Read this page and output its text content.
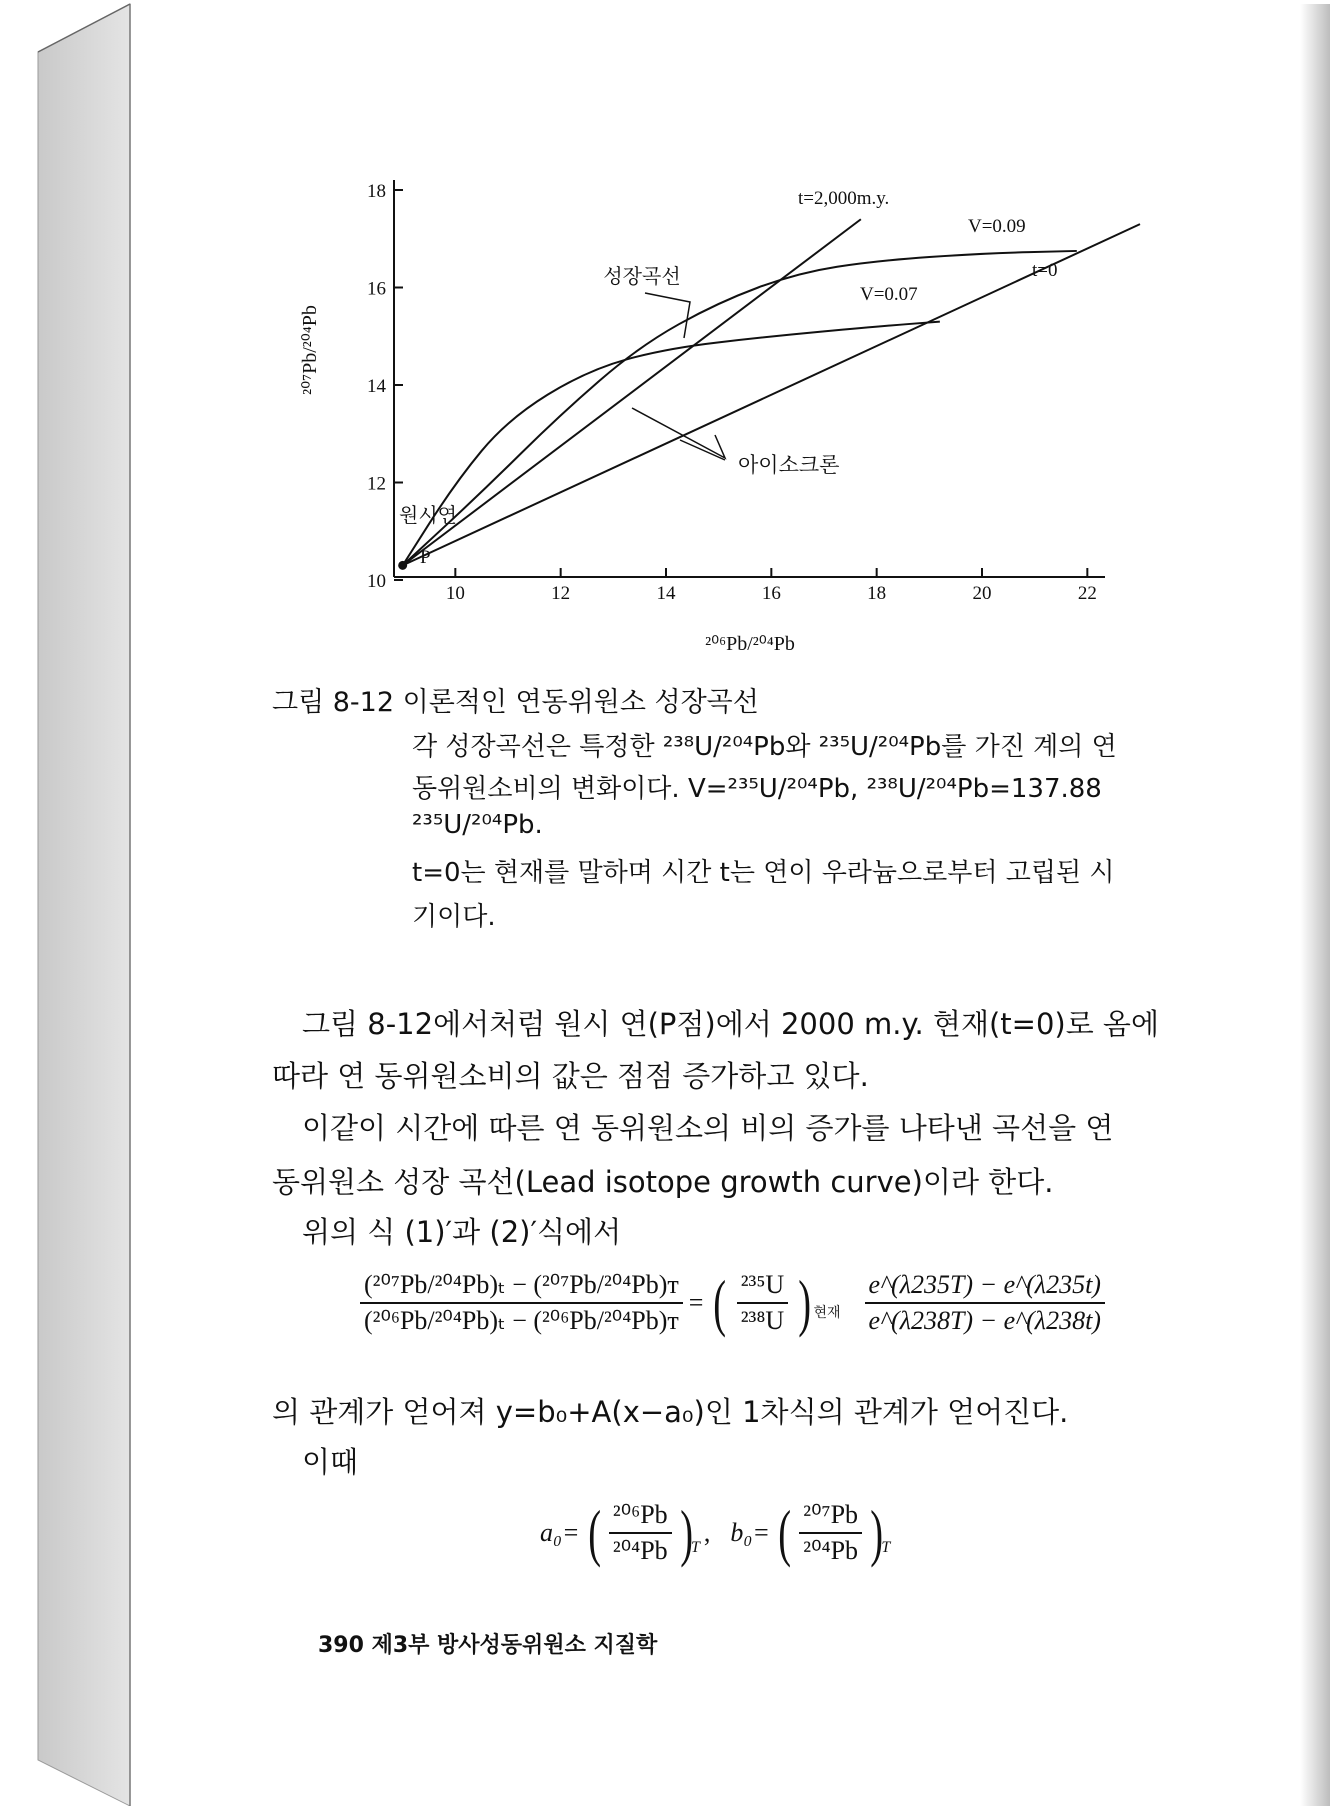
10	12	14	16	18	20	22
10
12
14
16
18
²⁰⁶Pb/²⁰⁴Pb
²⁰⁷Pb/²⁰⁴Pb
성장곡선
아이소크론
원시연
t=2,000m.y.
V=0.09
t=0
V=0.07
P
그림 8-12 이론적인 연동위원소 성장곡선
각 성장곡선은 특정한 ²³⁸U/²⁰⁴Pb와 ²³⁵U/²⁰⁴Pb를 가진 계의 연
동위원소비의 변화이다. V=²³⁵U/²⁰⁴Pb, ²³⁸U/²⁰⁴Pb=137.88
²³⁵U/²⁰⁴Pb.
t=0는 현재를 말하며 시간 t는 연이 우라늄으로부터 고립된 시
기이다.
그림 8-12에서처럼 원시 연(P점)에서 2000 m.y. 현재(t=0)로 옴에
따라 연 동위원소비의 값은 점점 증가하고 있다.
이같이 시간에 따른 연 동위원소의 비의 증가를 나타낸 곡선을 연
동위원소 성장 곡선(Lead isotope growth curve)이라 한다.
위의 식 (1)′과 (2)′식에서
$\frac{\text{(²⁰⁷Pb/²⁰⁴Pb)ₜ − (²⁰⁷Pb/²⁰⁴Pb)ᴛ}}{\text{(²⁰⁶Pb/²⁰⁴Pb)ₜ − (²⁰⁶Pb/²⁰⁴Pb)ᴛ}}$ = ( $\frac{\text{²³⁵U}}{\text{²³⁸U}}$ ) 현재 $\frac{e\^{}(\lambda 235T) - e\^{}(\lambda 235t)}{e\^{}(\lambda 238T) - e\^{}(\lambda 238t)}$
의 관계가 얻어져 y=b₀+A(x−a₀)인 1차식의 관계가 얻어진다.
이때
a₀= ( $\frac{\text{²⁰⁶Pb}}{\text{²⁰⁴Pb}}$ )
T
, b₀= ( $\frac{\text{²⁰⁷Pb}}{\text{²⁰⁴Pb}}$ )
T
390 제3부 방사성동위원소 지질학
